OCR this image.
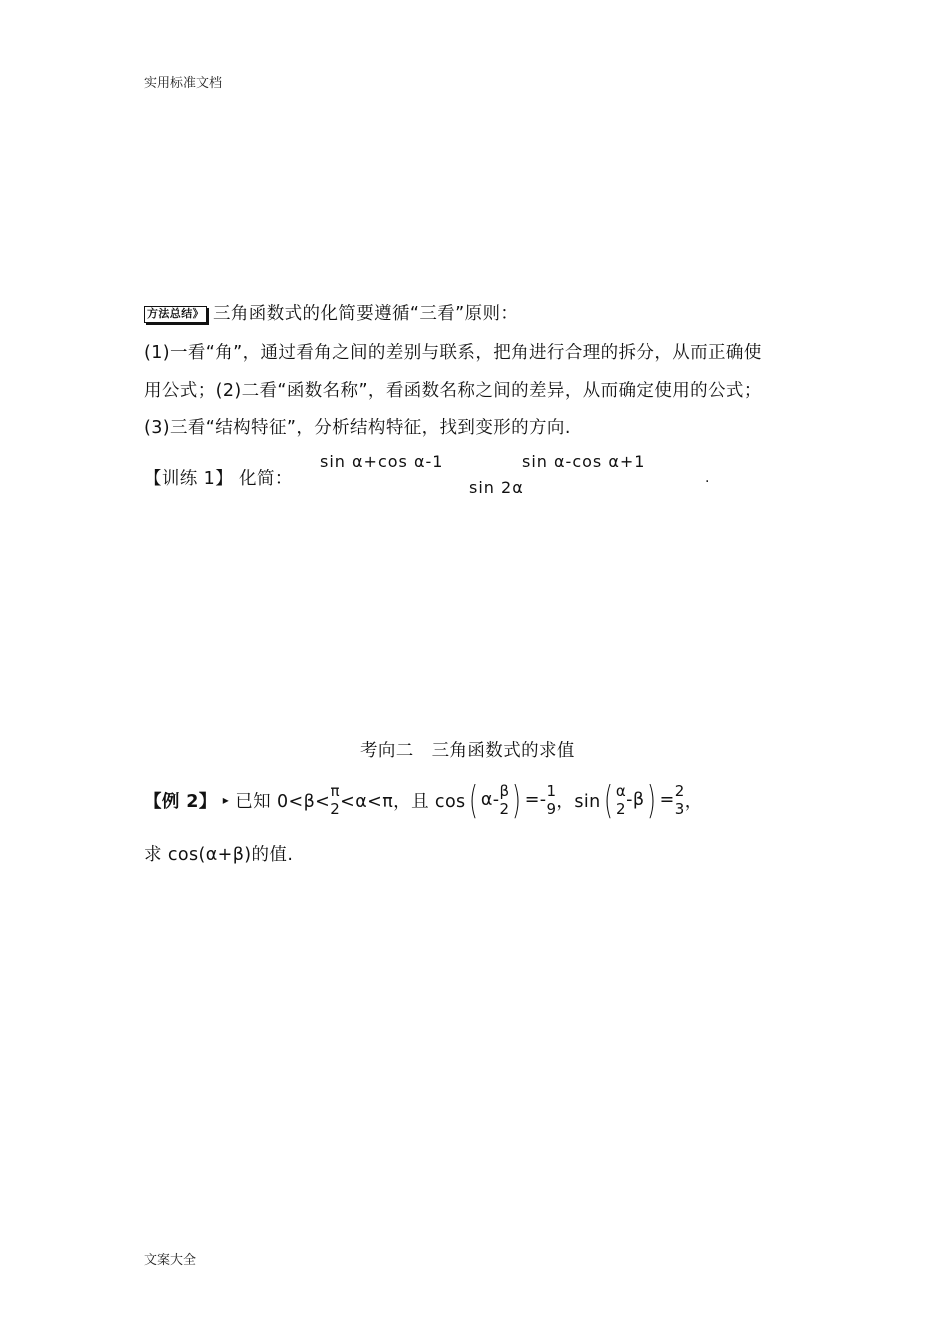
实用标准文档
方法总结》 三角函数式的化简要遵循“三看”原则：
(1)一看“角”，通过看角之间的差别与联系，把角进行合理的拆分，从而正确使
用公式；(2)二看“函数名称”，看函数名称之间的差异，从而确定使用的公式；
(3)三看“结构特征”，分析结构特征，找到变形的方向.
【训练 1】 化简：
sin α+cos α-1	sin α-cos α+1
sin 2α	.
考向二　三角函数式的求值
【例 2】 ▸ 已知 0<β<
π
2 <α<π，且 cos ( α- β
2 ) =- 1
9 ，sin ( α
2 -β ) = 2
3 ，
求 cos(α+β)的值.
文案大全
